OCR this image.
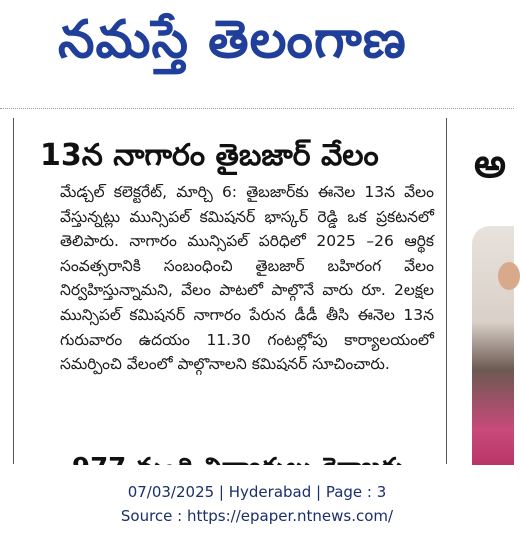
నమస్తే తెలంగాణ
13న నాగారం తైబజార్ వేలం

మేడ్చల్ కలెక్టరేట్, మార్చి 6: తైబజార్‌కు ఈనెల 13న వేలం వేస్తున్నట్లు మున్సిపల్ కమిషనర్ భాస్కర్ రెడ్డి ఒక ప్రకటనలో తెలిపారు. నాగారం మున్సిపల్ పరిధిలో 2025 –26 ఆర్థిక సంవత్సరానికి సంబంధించి తైబజార్ బహిరంగ వేలం నిర్వహిస్తున్నామని, వేలం పాటలో పాల్గొనే వారు రూ. 2లక్షల మున్సిపల్ కమిషనర్ నాగారం పేరున డీడీ తీసి ఈనెల 13న గురువారం ఉదయం 11.30 గంటల్లోపు కార్యాలయంలో సమర్పించి వేలంలో పాల్గొనాలని కమిషనర్ సూచించారు.

అ
07/03/2025 | Hyderabad | Page : 3
Source : https://epaper.ntnews.com/
